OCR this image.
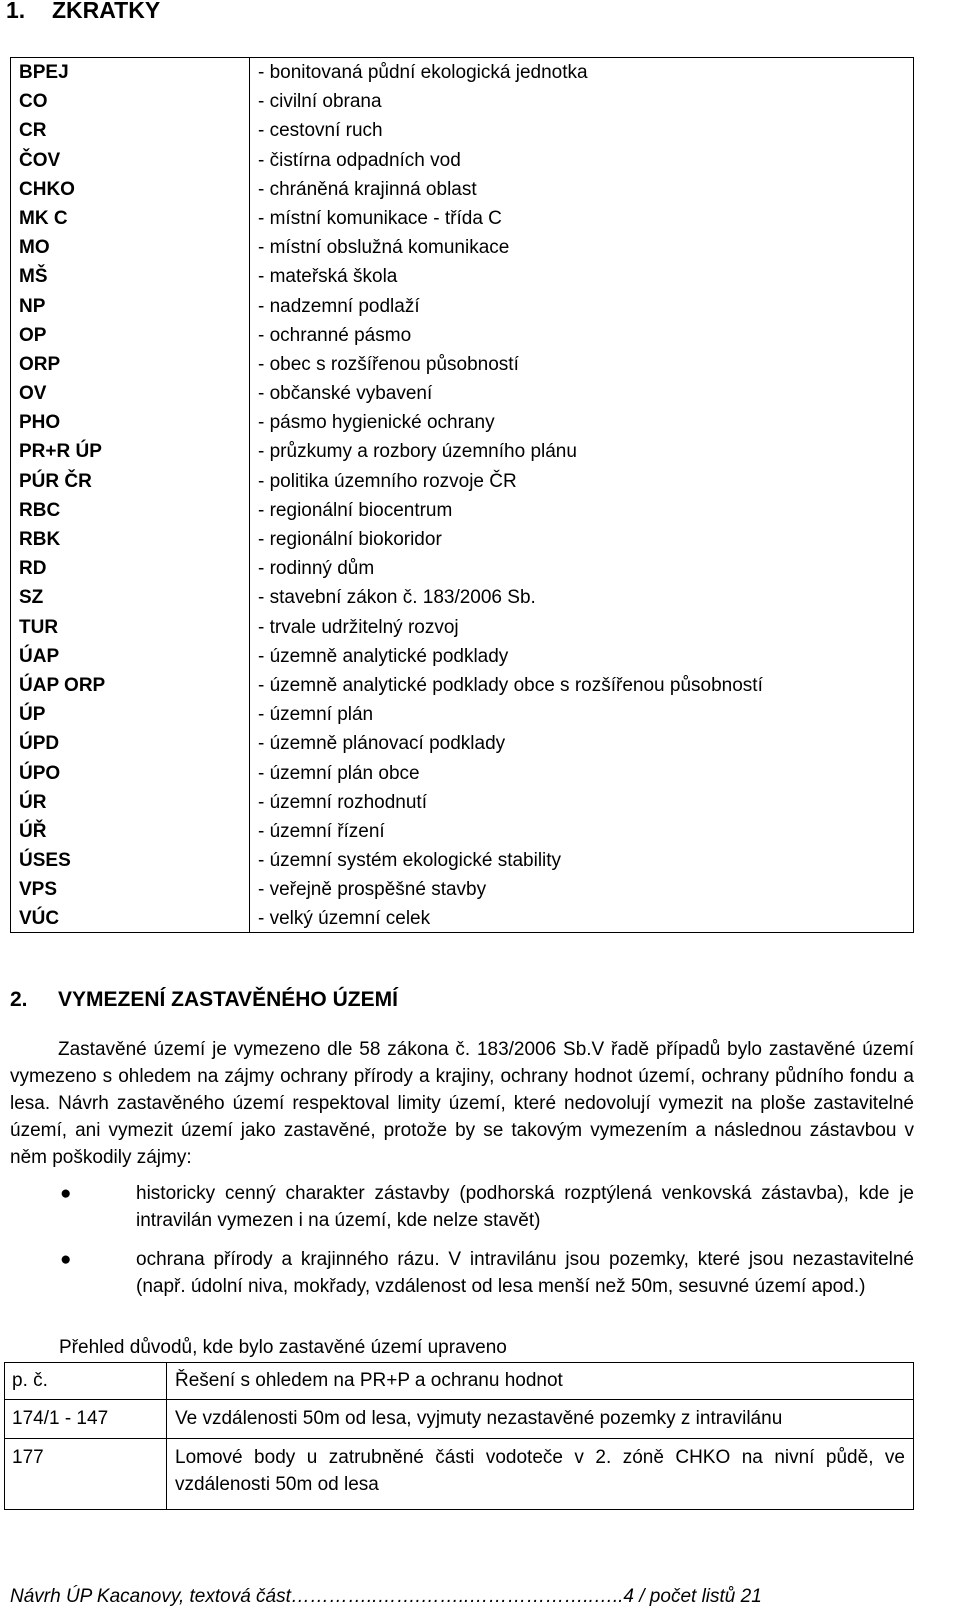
1. ZKRATKY
BPEJ	- bonitovaná půdní ekologická jednotka
CO	- civilní obrana
CR	- cestovní ruch
ČOV	- čistírna odpadních vod
CHKO	- chráněná krajinná oblast
MK C	- místní komunikace - třída C
MO	- místní obslužná komunikace
MŠ	- mateřská škola
NP	- nadzemní podlaží
OP	- ochranné pásmo
ORP	- obec s rozšířenou působností
OV	- občanské vybavení
PHO	- pásmo hygienické ochrany
PR+R ÚP	- průzkumy a rozbory územního plánu
PÚR ČR	- politika územního rozvoje ČR
RBC	- regionální biocentrum
RBK	- regionální biokoridor
RD	- rodinný dům
SZ	- stavební zákon č. 183/2006 Sb.
TUR	- trvale udržitelný rozvoj
ÚAP	- územně analytické podklady
ÚAP ORP	- územně analytické podklady obce s rozšířenou působností
ÚP	- územní plán
ÚPD	- územně plánovací podklady
ÚPO	- územní plán obce
ÚR	- územní rozhodnutí
ÚŘ	- územní řízení
ÚSES	- územní systém ekologické stability
VPS	- veřejně prospěšné stavby
VÚC	- velký územní celek
2. VYMEZENÍ ZASTAVĚNÉHO ÚZEMÍ
Zastavěné území je vymezeno dle 58 zákona č. 183/2006 Sb.V řadě případů bylo zastavěné území vymezeno s ohledem na zájmy ochrany přírody a krajiny, ochrany hodnot území, ochrany půdního fondu a lesa. Návrh zastavěného území respektoval limity území, které nedovolují vymezit na ploše zastavitelné území, ani vymezit území jako zastavěné, protože by se takovým vymezením a následnou zástavbou v něm poškodily zájmy:
●	historicky cenný charakter zástavby (podhorská rozptýlená venkovská zástavba), kde je intravilán vymezen i na území, kde nelze stavět)
●	ochrana přírody a krajinného rázu. V intravilánu jsou pozemky, které jsou nezastavitelné (např. údolní niva, mokřady, vzdálenost od lesa menší než 50m, sesuvné území apod.)
Přehled důvodů, kde bylo zastavěné území upraveno
p. č.	Řešení s ohledem na PR+P a ochranu hodnot
174/1 - 147	Ve vzdálenosti 50m od lesa, vyjmuty nezastavěné pozemky z intravilánu
177	Lomové body u zatrubněné části vodoteče v 2. zóně CHKO na nivní půdě, ve vzdálenosti 50m od lesa
Návrh ÚP Kacanovy, textová část…………..…….……..………………..…..4 / počet listů 21
